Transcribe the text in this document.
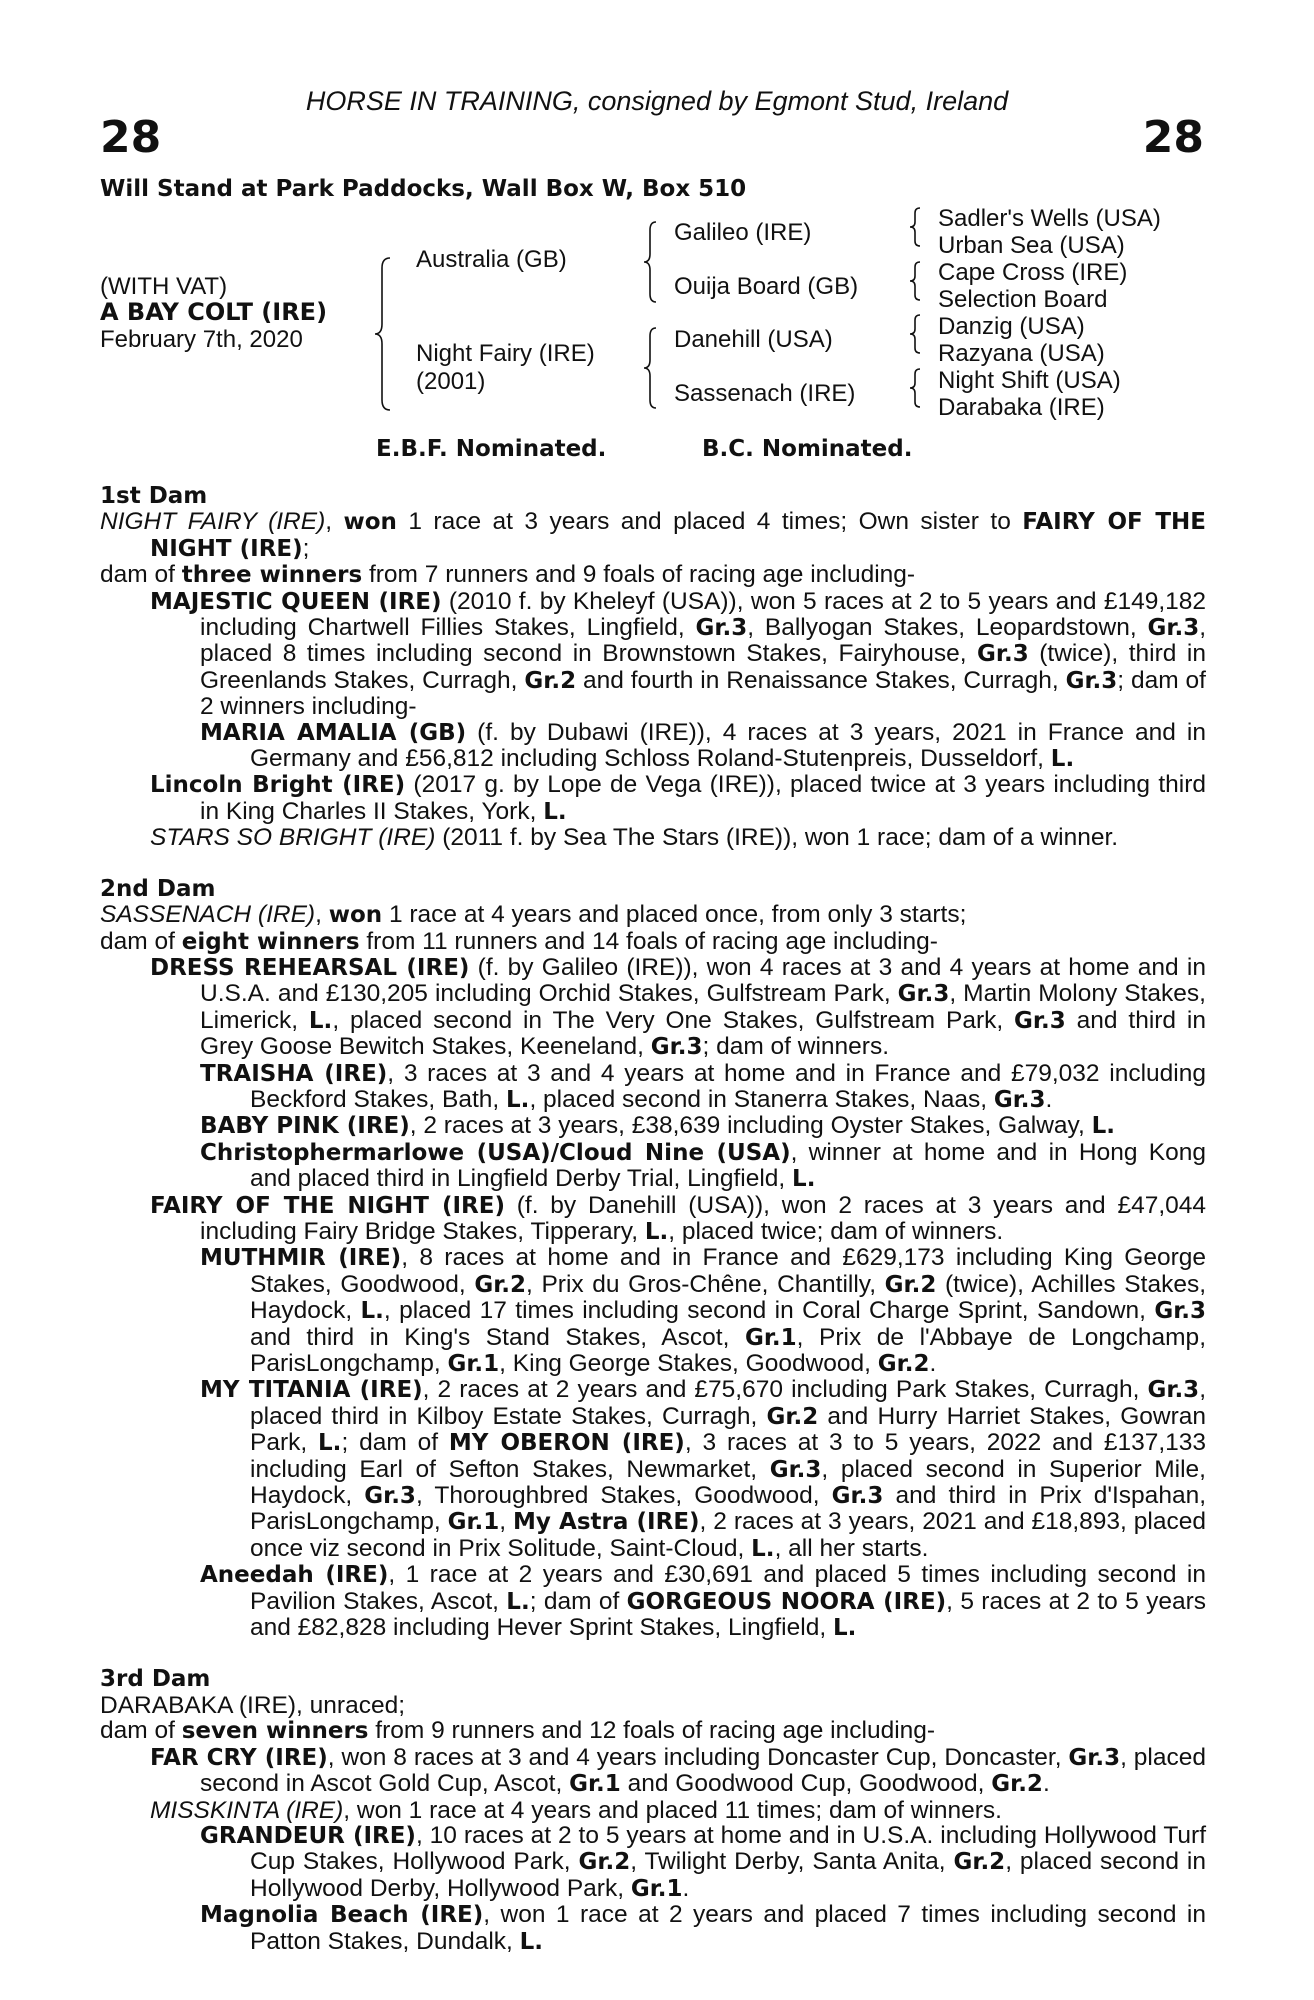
HORSE IN TRAINING, consigned by Egmont Stud, Ireland
28	28
Will Stand at Park Paddocks, Wall Box W, Box 510
(WITH VAT)
A BAY COLT (IRE)
February 7th, 2020
Australia (GB)
Night Fairy (IRE)
(2001)
Galileo (IRE)
Ouija Board (GB)
Danehill (USA)
Sassenach (IRE)
Sadler's Wells (USA)
Urban Sea (USA)
Cape Cross (IRE)
Selection Board
Danzig (USA)
Razyana (USA)
Night Shift (USA)
Darabaka (IRE)
E.B.F. Nominated.	B.C. Nominated.
1st Dam
NIGHT FAIRY (IRE), won 1 race at 3 years and placed 4 times; Own sister to FAIRY OF THE NIGHT (IRE);
dam of three winners from 7 runners and 9 foals of racing age including-
MAJESTIC QUEEN (IRE) (2010 f. by Kheleyf (USA)), won 5 races at 2 to 5 years and £149,182 including Chartwell Fillies Stakes, Lingfield, Gr.3, Ballyogan Stakes, Leopardstown, Gr.3, placed 8 times including second in Brownstown Stakes, Fairyhouse, Gr.3 (twice), third in Greenlands Stakes, Curragh, Gr.2 and fourth in Renaissance Stakes, Curragh, Gr.3; dam of 2 winners including-
MARIA AMALIA (GB) (f. by Dubawi (IRE)), 4 races at 3 years, 2021 in France and in Germany and £56,812 including Schloss Roland-Stutenpreis, Dusseldorf, L.
Lincoln Bright (IRE) (2017 g. by Lope de Vega (IRE)), placed twice at 3 years including third in King Charles II Stakes, York, L.
STARS SO BRIGHT (IRE) (2011 f. by Sea The Stars (IRE)), won 1 race; dam of a winner.
2nd Dam
SASSENACH (IRE), won 1 race at 4 years and placed once, from only 3 starts;
dam of eight winners from 11 runners and 14 foals of racing age including-
DRESS REHEARSAL (IRE) (f. by Galileo (IRE)), won 4 races at 3 and 4 years at home and in U.S.A. and £130,205 including Orchid Stakes, Gulfstream Park, Gr.3, Martin Molony Stakes, Limerick, L., placed second in The Very One Stakes, Gulfstream Park, Gr.3 and third in Grey Goose Bewitch Stakes, Keeneland, Gr.3; dam of winners.
TRAISHA (IRE), 3 races at 3 and 4 years at home and in France and £79,032 including Beckford Stakes, Bath, L., placed second in Stanerra Stakes, Naas, Gr.3.
BABY PINK (IRE), 2 races at 3 years, £38,639 including Oyster Stakes, Galway, L.
Christophermarlowe (USA)/Cloud Nine (USA), winner at home and in Hong Kong and placed third in Lingfield Derby Trial, Lingfield, L.
FAIRY OF THE NIGHT (IRE) (f. by Danehill (USA)), won 2 races at 3 years and £47,044 including Fairy Bridge Stakes, Tipperary, L., placed twice; dam of winners.
MUTHMIR (IRE), 8 races at home and in France and £629,173 including King George Stakes, Goodwood, Gr.2, Prix du Gros-Chêne, Chantilly, Gr.2 (twice), Achilles Stakes, Haydock, L., placed 17 times including second in Coral Charge Sprint, Sandown, Gr.3 and third in King's Stand Stakes, Ascot, Gr.1, Prix de l'Abbaye de Longchamp, ParisLongchamp, Gr.1, King George Stakes, Goodwood, Gr.2.
MY TITANIA (IRE), 2 races at 2 years and £75,670 including Park Stakes, Curragh, Gr.3, placed third in Kilboy Estate Stakes, Curragh, Gr.2 and Hurry Harriet Stakes, Gowran Park, L.; dam of MY OBERON (IRE), 3 races at 3 to 5 years, 2022 and £137,133 including Earl of Sefton Stakes, Newmarket, Gr.3, placed second in Superior Mile, Haydock, Gr.3, Thoroughbred Stakes, Goodwood, Gr.3 and third in Prix d'Ispahan, ParisLongchamp, Gr.1, My Astra (IRE), 2 races at 3 years, 2021 and £18,893, placed once viz second in Prix Solitude, Saint-Cloud, L., all her starts.
Aneedah (IRE), 1 race at 2 years and £30,691 and placed 5 times including second in Pavilion Stakes, Ascot, L.; dam of GORGEOUS NOORA (IRE), 5 races at 2 to 5 years and £82,828 including Hever Sprint Stakes, Lingfield, L.
3rd Dam
DARABAKA (IRE), unraced;
dam of seven winners from 9 runners and 12 foals of racing age including-
FAR CRY (IRE), won 8 races at 3 and 4 years including Doncaster Cup, Doncaster, Gr.3, placed second in Ascot Gold Cup, Ascot, Gr.1 and Goodwood Cup, Goodwood, Gr.2.
MISSKINTA (IRE), won 1 race at 4 years and placed 11 times; dam of winners.
GRANDEUR (IRE), 10 races at 2 to 5 years at home and in U.S.A. including Hollywood Turf Cup Stakes, Hollywood Park, Gr.2, Twilight Derby, Santa Anita, Gr.2, placed second in Hollywood Derby, Hollywood Park, Gr.1.
Magnolia Beach (IRE), won 1 race at 2 years and placed 7 times including second in Patton Stakes, Dundalk, L.
